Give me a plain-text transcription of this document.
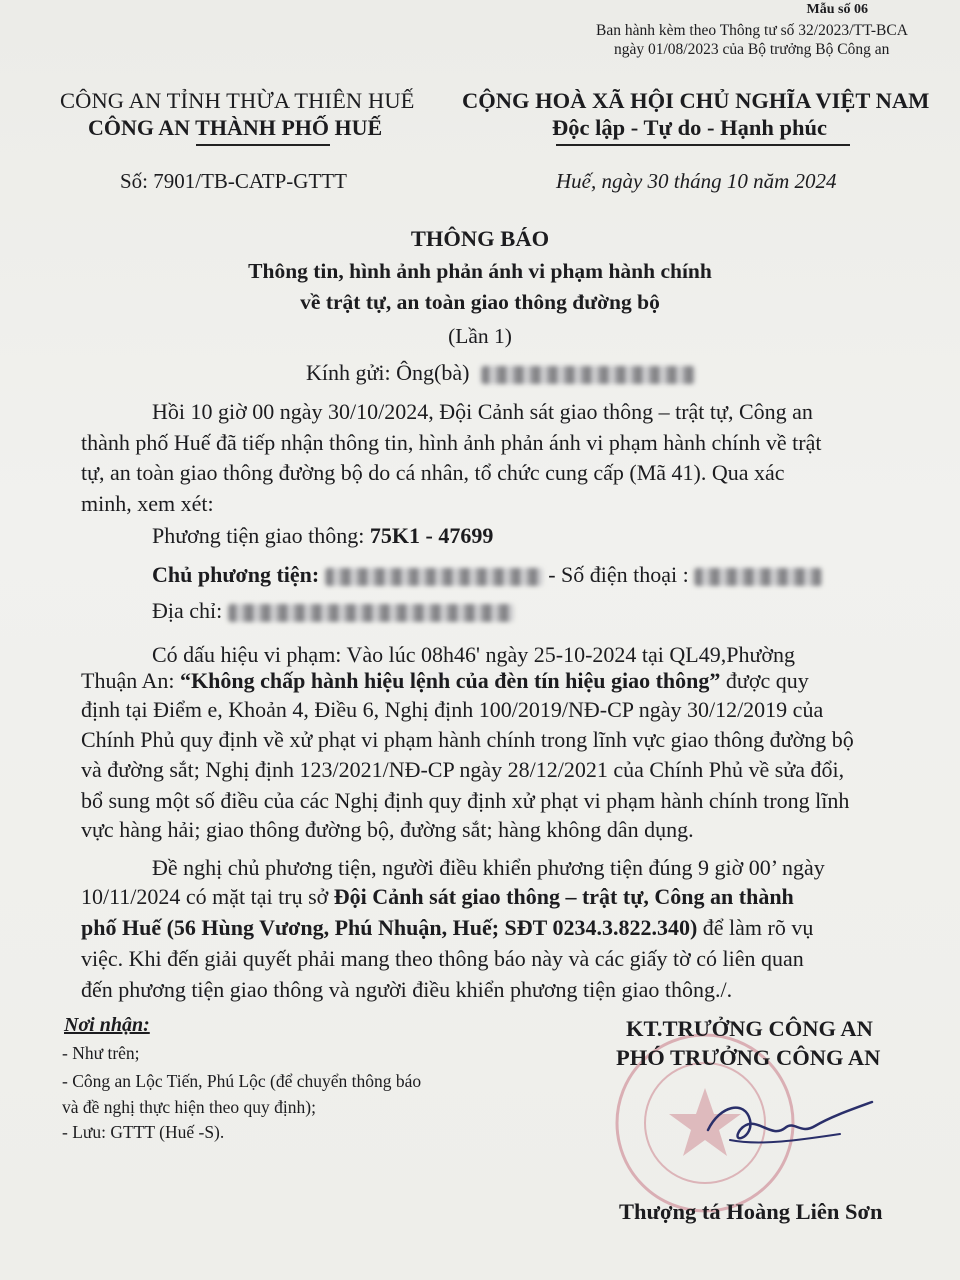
Mẫu số 06
Ban hành kèm theo Thông tư số 32/2023/TT-BCA
ngày 01/08/2023 của Bộ trưởng Bộ Công an
CÔNG AN TỈNH THỪA THIÊN HUẾ
CÔNG AN THÀNH PHỐ HUẾ
CỘNG HOÀ XÃ HỘI CHỦ NGHĨA VIỆT NAM
Độc lập - Tự do - Hạnh phúc
Số: 7901/TB-CATP-GTTT	Huế, ngày 30 tháng 10 năm 2024
THÔNG BÁO
Thông tin, hình ảnh phản ánh vi phạm hành chính
về trật tự, an toàn giao thông đường bộ
(Lần 1)
Kính gửi: Ông(bà)
Hồi 10 giờ 00 ngày 30/10/2024, Đội Cảnh sát giao thông – trật tự, Công an
thành phố Huế đã tiếp nhận thông tin, hình ảnh phản ánh vi phạm hành chính về trật
tự, an toàn giao thông đường bộ do cá nhân, tổ chức cung cấp (Mã 41). Qua xác
minh, xem xét:
Phương tiện giao thông: 75K1 - 47699
Chủ phương tiện:	- Số điện thoại :
Địa chỉ:
Có dấu hiệu vi phạm: Vào lúc 08h46' ngày 25-10-2024 tại QL49,Phường
Thuận An: “Không chấp hành hiệu lệnh của đèn tín hiệu giao thông” được quy
định tại Điểm e, Khoản 4, Điều 6, Nghị định 100/2019/NĐ-CP ngày 30/12/2019 của
Chính Phủ quy định về xử phạt vi phạm hành chính trong lĩnh vực giao thông đường bộ
và đường sắt; Nghị định 123/2021/NĐ-CP ngày 28/12/2021 của Chính Phủ về sửa đổi,
bổ sung một số điều của các Nghị định quy định xử phạt vi phạm hành chính trong lĩnh
vực hàng hải; giao thông đường bộ, đường sắt; hàng không dân dụng.
Đề nghị chủ phương tiện, người điều khiển phương tiện đúng 9 giờ 00’ ngày
10/11/2024 có mặt tại trụ sở Đội Cảnh sát giao thông – trật tự, Công an thành
phố Huế (56 Hùng Vương, Phú Nhuận, Huế; SĐT 0234.3.822.340) để làm rõ vụ
việc. Khi đến giải quyết phải mang theo thông báo này và các giấy tờ có liên quan
đến phương tiện giao thông và người điều khiển phương tiện giao thông./.
Nơi nhận:
- Như trên;
- Công an Lộc Tiến, Phú Lộc (để chuyển thông báo
và đề nghị thực hiện theo quy định);
- Lưu: GTTT (Huế -S).
KT.TRƯỞNG CÔNG AN
PHÓ TRƯỞNG CÔNG AN
Thượng tá Hoàng Liên Sơn
